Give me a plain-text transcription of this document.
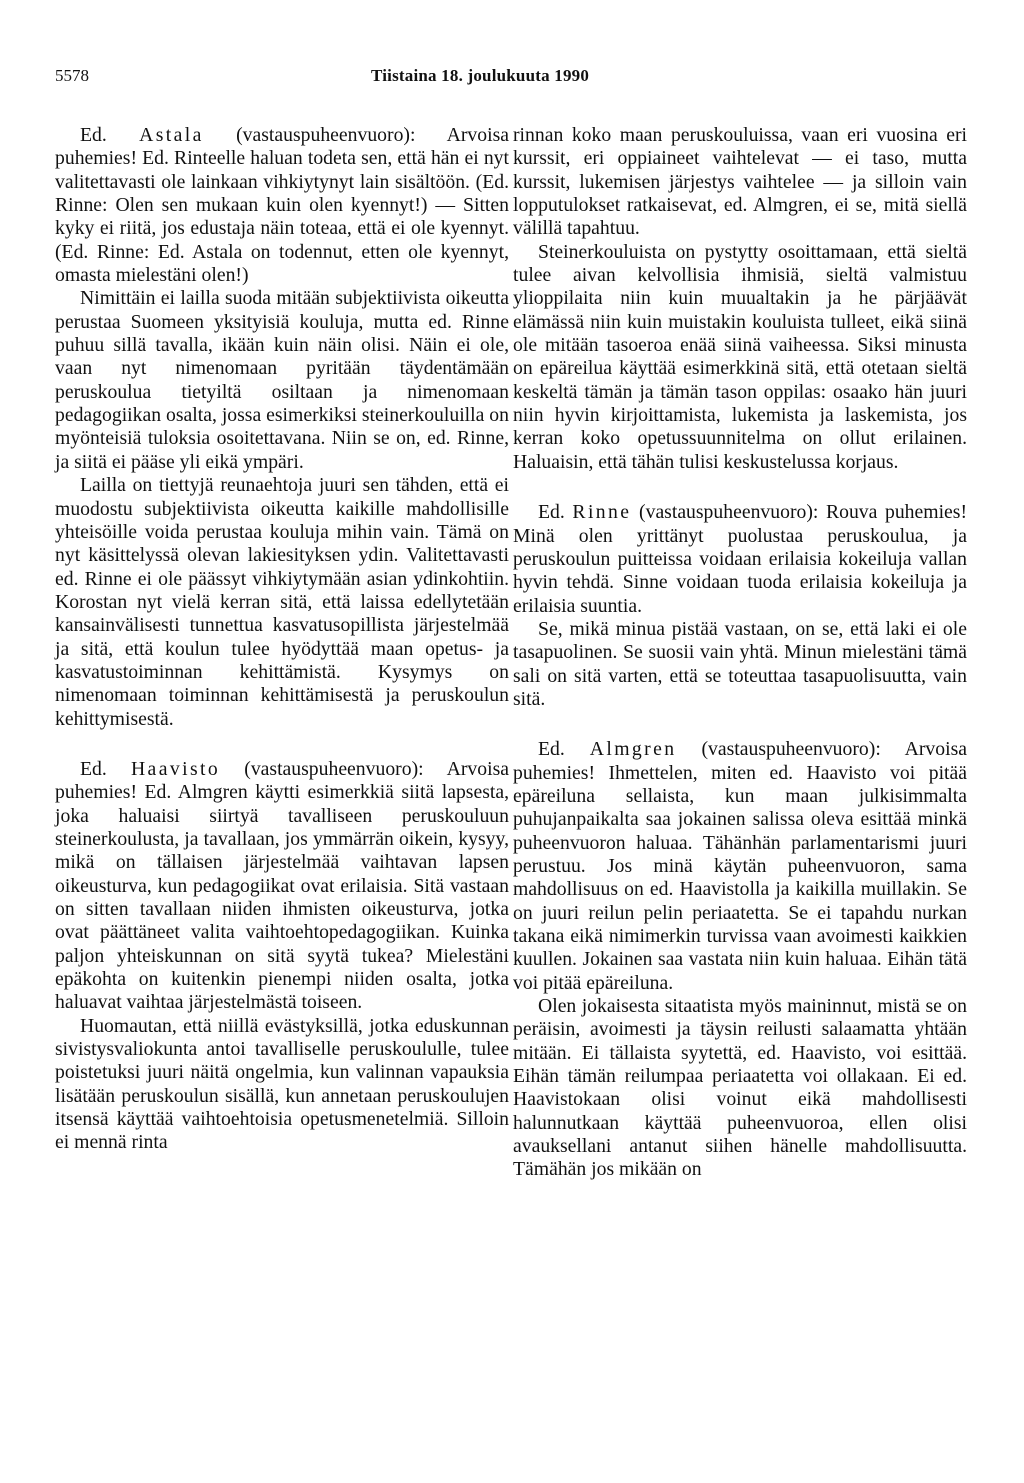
5578	Tiistaina 18. joulukuuta 1990

Ed. Astala (vastauspuheenvuoro): Arvoisa puhemies! Ed. Rinteelle haluan todeta sen, että hän ei nyt valitettavasti ole lainkaan vihkiytynyt lain sisältöön. (Ed. Rinne: Olen sen mukaan kuin olen kyennyt!) — Sitten kyky ei riitä, jos edustaja näin toteaa, että ei ole kyennyt. (Ed. Rinne: Ed. Astala on todennut, etten ole kyennyt, omasta mielestäni olen!)

Nimittäin ei lailla suoda mitään subjektiivista oikeutta perustaa Suomeen yksityisiä kouluja, mutta ed. Rinne puhuu sillä tavalla, ikään kuin näin olisi. Näin ei ole, vaan nyt nimenomaan pyritään täydentämään peruskoulua tietyiltä osiltaan ja nimenomaan pedagogiikan osalta, jossa esimerkiksi steinerkouluilla on myönteisiä tuloksia osoitettavana. Niin se on, ed. Rinne, ja siitä ei pääse yli eikä ympäri.

Lailla on tiettyjä reunaehtoja juuri sen tähden, että ei muodostu subjektiivista oikeutta kaikille mahdollisille yhteisöille voida perustaa kouluja mihin vain. Tämä on nyt käsittelyssä olevan lakiesityksen ydin. Valitettavasti ed. Rinne ei ole päässyt vihkiytymään asian ydinkohtiin. Korostan nyt vielä kerran sitä, että laissa edellytetään kansainvälisesti tunnettua kasvatusopillista järjestelmää ja sitä, että koulun tulee hyödyttää maan opetus- ja kasvatustoiminnan kehittämistä. Kysymys on nimenomaan toiminnan kehittämisestä ja peruskoulun kehittymisestä.

Ed. Haavisto (vastauspuheenvuoro): Arvoisa puhemies! Ed. Almgren käytti esimerkkiä siitä lapsesta, joka haluaisi siirtyä tavalliseen peruskouluun steinerkoulusta, ja tavallaan, jos ymmärrän oikein, kysyy, mikä on tällaisen järjestelmää vaihtavan lapsen oikeusturva, kun pedagogiikat ovat erilaisia. Sitä vastaan on sitten tavallaan niiden ihmisten oikeusturva, jotka ovat päättäneet valita vaihtoehtopedagogiikan. Kuinka paljon yhteiskunnan on sitä syytä tukea? Mielestäni epäkohta on kuitenkin pienempi niiden osalta, jotka haluavat vaihtaa järjestelmästä toiseen.

Huomautan, että niillä evästyksillä, jotka eduskunnan sivistysvaliokunta antoi tavalliselle peruskoululle, tulee poistetuksi juuri näitä ongelmia, kun valinnan vapauksia lisätään peruskoulun sisällä, kun annetaan peruskoulujen itsensä käyttää vaihtoehtoisia opetusmenetelmiä. Silloin ei mennä rinta

rinnan koko maan peruskouluissa, vaan eri vuosina eri kurssit, eri oppiaineet vaihtelevat — ei taso, mutta kurssit, lukemisen järjestys vaihtelee — ja silloin vain lopputulokset ratkaisevat, ed. Almgren, ei se, mitä siellä välillä tapahtuu.

Steinerkouluista on pystytty osoittamaan, että sieltä tulee aivan kelvollisia ihmisiä, sieltä valmistuu ylioppilaita niin kuin muualtakin ja he pärjäävät elämässä niin kuin muistakin kouluista tulleet, eikä siinä ole mitään tasoeroa enää siinä vaiheessa. Siksi minusta on epäreilua käyttää esimerkkinä sitä, että otetaan sieltä keskeltä tämän ja tämän tason oppilas: osaako hän juuri niin hyvin kirjoittamista, lukemista ja laskemista, jos kerran koko opetussuunnitelma on ollut erilainen. Haluaisin, että tähän tulisi keskustelussa korjaus.

Ed. Rinne (vastauspuheenvuoro): Rouva puhemies! Minä olen yrittänyt puolustaa peruskoulua, ja peruskoulun puitteissa voidaan erilaisia kokeiluja vallan hyvin tehdä. Sinne voidaan tuoda erilaisia kokeiluja ja erilaisia suuntia.

Se, mikä minua pistää vastaan, on se, että laki ei ole tasapuolinen. Se suosii vain yhtä. Minun mielestäni tämä sali on sitä varten, että se toteuttaa tasapuolisuutta, vain sitä.

Ed. Almgren (vastauspuheenvuoro): Arvoisa puhemies! Ihmettelen, miten ed. Haavisto voi pitää epäreiluna sellaista, kun maan julkisimmalta puhujanpaikalta saa jokainen salissa oleva esittää minkä puheenvuoron haluaa. Tähänhän parlamentarismi juuri perustuu. Jos minä käytän puheenvuoron, sama mahdollisuus on ed. Haavistolla ja kaikilla muillakin. Se on juuri reilun pelin periaatetta. Se ei tapahdu nurkan takana eikä nimimerkin turvissa vaan avoimesti kaikkien kuullen. Jokainen saa vastata niin kuin haluaa. Eihän tätä voi pitää epäreiluna.

Olen jokaisesta sitaatista myös maininnut, mistä se on peräisin, avoimesti ja täysin reilusti salaamatta yhtään mitään. Ei tällaista syytettä, ed. Haavisto, voi esittää. Eihän tämän reilumpaa periaatetta voi ollakaan. Ei ed. Haavistokaan olisi voinut eikä mahdollisesti halunnutkaan käyttää puheenvuoroa, ellen olisi avauksellani antanut siihen hänelle mahdollisuutta. Tämähän jos mikään on
